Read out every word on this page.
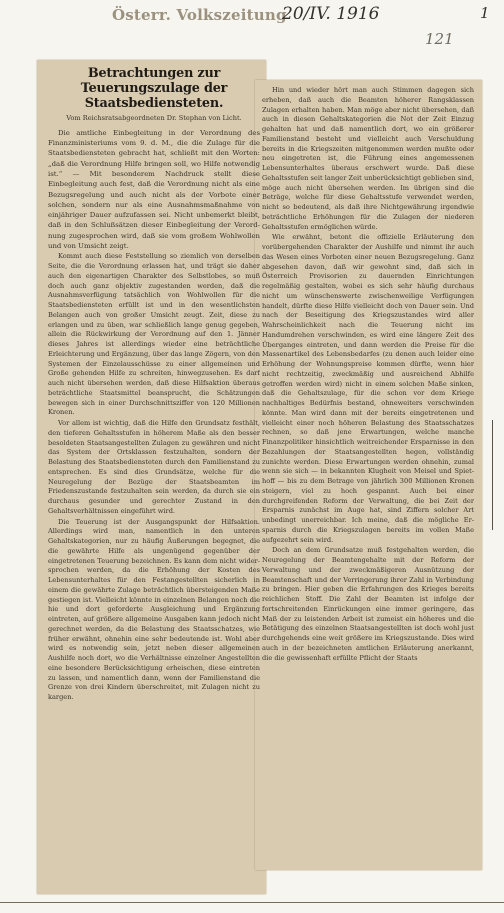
Österr. Volkszeitung
20/IV. 1916
121
1
Betrachtungen zur Teuerungszulage der Staatsbediensteten.
Vom Reichsratsabgeordneten Dr. Stephan von Licht.

Die amtliche Einbegleitung in der Verordnung des Finanzministeriums vom 9. d. M., die die Zulage für die Staatsbediensteten gebracht hat, schließt mit den Worten: „daß die Verordnung Hilfe bringen soll, wo Hilfe notwendig ist.“ — Mit besonderem Nachdruck stellt diese Einbegleitung auch fest, daß die Verordnung nicht als eine Bezugsregelung und auch nicht als der Vorbote einer solchen, sondern nur als eine Ausnahmsmaßnahme von einjähriger Dauer aufzufassen sei. Nicht unbemerkt bleibt, daß in den Schlußsätzen dieser Einbegleitung der Verordnung zugesprochen wird, daß sie vom großem Wohlwollen und von Umsicht zeigt.

Kommt auch diese Feststellung so ziemlich von derselben Seite, die die Verordnung erlassen hat, und trägt sie daher auch den eigenartigen Charakter des Selbstlobes, so muß doch auch ganz objektiv zugestanden werden, daß die Ausnahmsverfügung tatsächlich von Wohlwollen für die Staatsbediensteten erfüllt ist und in den wesentlichsten Belangen auch von großer Umsicht zeugt. Zeit, diese zu erlangen und zu üben, war schließlich lange genug gegeben, allein die Rückwirkung der Verordnung auf den 1. Jänner dieses Jahres ist allerdings wieder eine beträchtliche Erleichterung und Ergänzung, über das lange Zögern, von den Systemen der Einzelausschüsse zu einer allgemeinen und Große gehenden Hilfe zu schreiten, hinwegzusehen. Es darf auch nicht übersehen werden, daß diese Hilfsaktion überaus beträchtliche Staatsmittel beansprucht, die Schätzungen bewegen sich in einer Durchschnittsziffer von 120 Millionen Kronen.

Vor allem ist wichtig, daß die Hilfe den Grundsatz festhält, den tieferen Gehaltsstufen in höherem Maße als den besser besoldeten Staatsangestellten Zulagen zu gewähren und nicht das System der Ortsklassen festzuhalten, sondern der Belastung des Staatsbediensteten durch den Familienstand zu entsprechen. Es sind dies Grundsätze, welche für die Neuregelung der Bezüge der Staatsbeamten im Friedenszustande festzuhalten sein werden, da durch sie ein durchaus gesunder und gerechter Zustand in den Gehaltsverhältnissen eingeführt wird.

Die Teuerung ist der Ausgangspunkt der Hilfsaktion. Allerdings wird man, namentlich in den unteren Gehaltskategorien, nur zu häufig Äußerungen begegnet, die die gewährte Hilfe als ungenügend gegenüber der eingetretenen Teuerung bezeichnen. Es kann dem nicht widersprochen werden, da die Erhöhung der Kosten des Lebensunterhaltes für den Festangestellten sicherlich in einem die gewährte Zulage beträchtlich übersteigenden Maße gestiegen ist. Vielleicht könnte in einzelnen Belangen noch die hie und dort geforderte Ausgleichung und Ergänzung eintreten, auf größere allgemeine Ausgaben kann jedoch nicht gerechnet werden, da die Belastung des Staatsschatzes, wie früher erwähnt, ohnehin eine sehr bedeutende ist. Wohl aber wird es notwendig sein, jetzt neben dieser allgemeinen Aushilfe noch dort, wo die Verhältnisse einzelner Angestellten eine besondere Berücksichtigung erheischen, diese eintreten zu lassen, und namentlich dann, wenn der Familienstand die Grenze von drei Kindern überschreitet, mit Zulagen nicht zu kargen.

Hin und wieder hört man auch Stimmen dagegen sich erheben, daß auch die Beamten höherer Rangsklassen Zulagen erhalten haben. Man möge aber nicht übersehen, daß auch in diesen Gehaltskategorien die Not der Zeit Einzug gehalten hat und daß namentlich dort, wo ein größerer Familienstand besteht und vielleicht auch Verschuldung bereits in die Kriegszeiten mitgenommen werden mußte oder neu eingetreten ist, die Führung eines angemessenen Lebensunterhaltes überaus erschwert wurde. Daß diese Gehaltsstufen seit langer Zeit unberücksichtigt geblieben sind, möge auch nicht übersehen werden. Im übrigen sind die Beträge, welche für diese Gehaltsstufe verwendet werden, nicht so bedeutend, als daß ihre Nichtgewährung irgendwie beträchtliche Erhöhungen für die Zulagen der niederen Gehaltsstufen ermöglichen würde.

Wie erwähnt, betont die offizielle Erläuterung den vorübergehenden Charakter der Aushilfe und nimmt ihr auch das Wesen eines Vorboten einer neuen Bezugsregelung. Ganz abgesehen davon, daß wir gewohnt sind, daß sich in Österreich Provisorien zu dauernden Einrichtungen regelmäßig gestalten, wobei es sich sehr häufig durchaus nicht um wünschenswerte zwischenweilige Verfügungen handelt, dürfte diese Hilfe vielleicht doch von Dauer sein. Und nach der Beseitigung des Kriegszustandes wird aller Wahrscheinlichkeit nach die Teuerung nicht im Handumdrehen verschwinden, es wird eine längere Zeit des Überganges eintreten, und dann werden die Preise für die Massenartikel des Lebensbedarfes (zu denen auch leider eine Erhöhung der Wohnungspreise kommen dürfte, wenn hier nicht rechtzeitig, zweckmäßig und ausreichend Abhilfe getroffen werden wird) nicht in einem solchen Maße sinken, daß die Gehaltszulage, für die schon vor dem Kriege nachhaltiges Bedürfnis bestand, ohneweiters verschwinden könnte. Man wird dann mit der bereits eingetretenen und vielleicht einer noch höheren Belastung des Staatsschatzes rechnen, so daß jene Erwartungen, welche manche Finanzpolitiker hinsichtlich weitreichender Ersparnisse in den Bezahlungen der Staatsangestellten hegen, vollständig zunichte werden. Diese Erwartungen werden ohnehin, zumal wenn sie sich — in bekannten Klugheit von Meisel und Spiethoff — bis zu dem Betrage von jährlich 300 Millionen Kronen steigern, viel zu hoch gespannt. Auch bei einer durchgreifenden Reform der Verwaltung, die bei Zeit der Ersparnis zunächst im Auge hat, sind Ziffern solcher Art unbedingt unerreichbar. Ich meine, daß die mögliche Ersparnis durch die Kriegszulagen bereits im vollen Maße aufgezehrt sein wird.

Doch an dem Grundsatze muß festgehalten werden, die Neuregelung der Beamtengehalte mit der Reform der Verwaltung und der zweckmäßigeren Ausnützung der Beamtenschaft und der Verringerung ihrer Zahl in Verbindung zu bringen. Hier geben die Erfahrungen des Krieges bereits reichlichen Stoff. Die Zahl der Beamten ist infolge der fortschreitenden Einrückungen eine immer geringere, das Maß der zu leistenden Arbeit ist zumeist ein höheres und die Betätigung des einzelnen Staatsangestellten ist doch wohl just durchgehends eine weit größere im Kriegszustande. Dies wird auch in der bezeichneten amtlichen Erläuterung anerkannt, die die gewissenhaft erfüllte Pflicht der Staats
